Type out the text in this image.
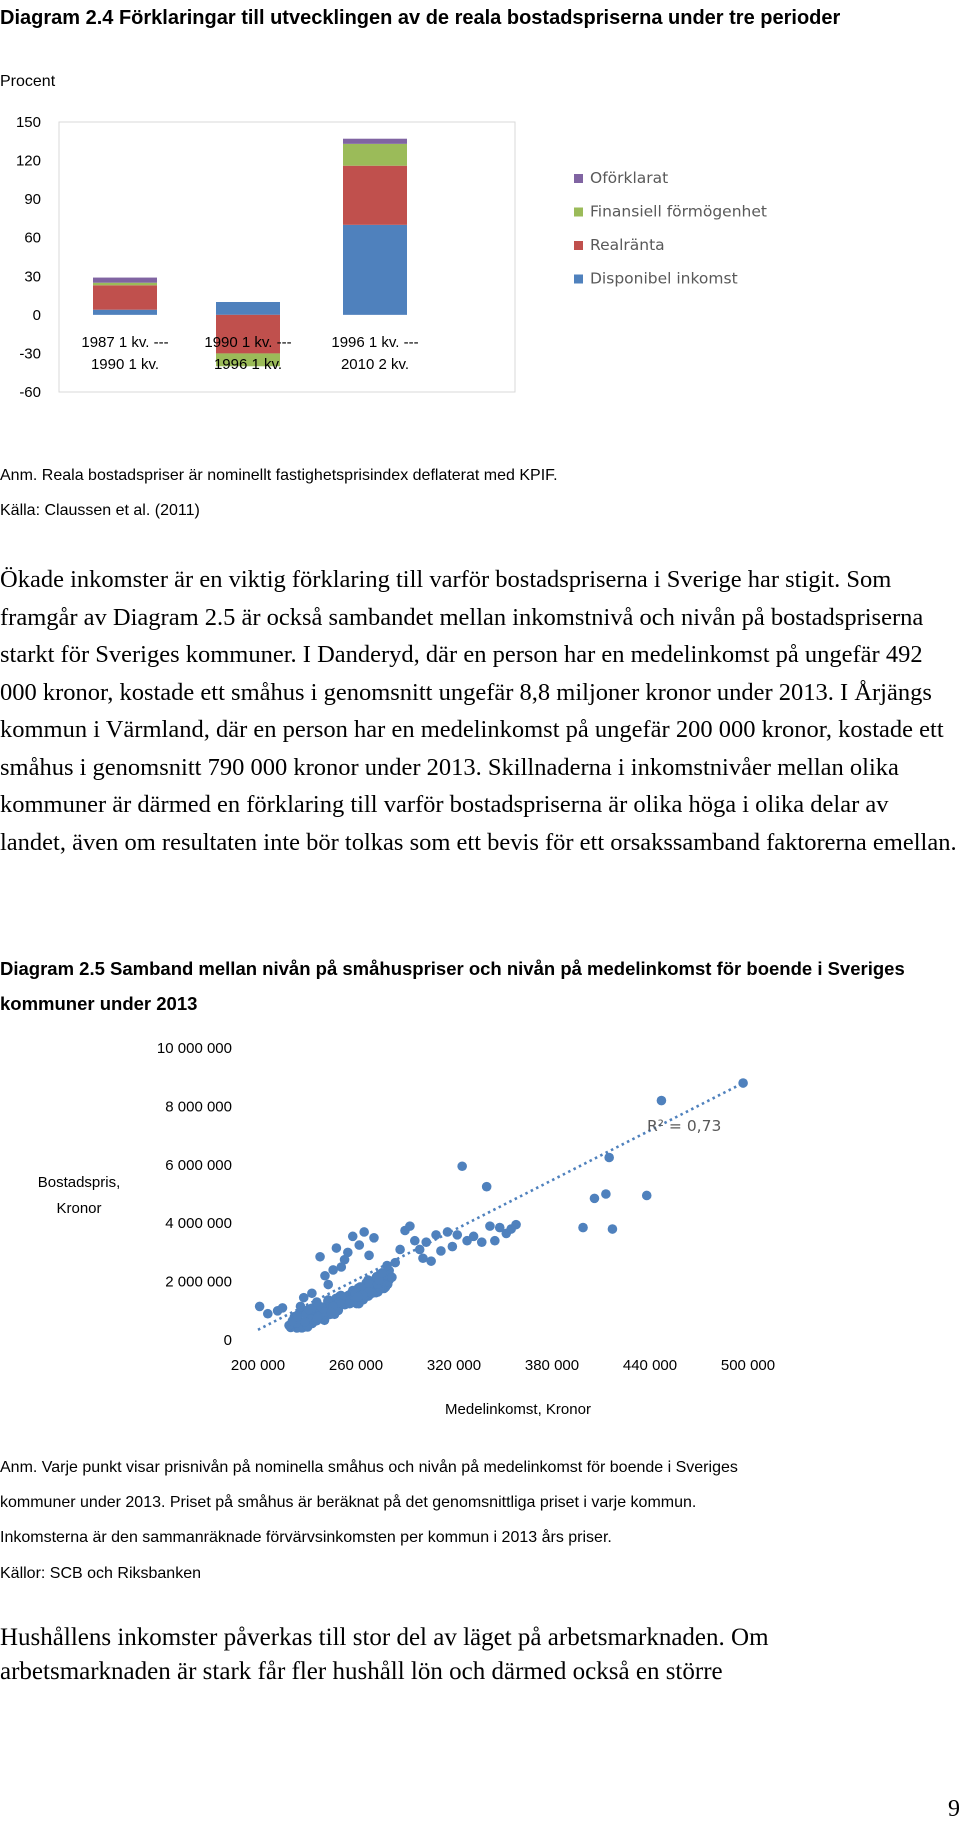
Diagram 2.4 Förklaringar till utvecklingen av de reala bostadspriserna under tre perioder
Procent
150
120
90
60
30
0
-30
-60
1987 1 kv. ---
1990 1 kv.
1990 1 kv. ---
1996 1 kv.
1996 1 kv. ---
2010 2 kv.
Oförklarat
Finansiell förmögenhet
Realränta
Disponibel inkomst
Anm. Reala bostadspriser är nominellt fastighetsprisindex deflaterat med KPIF.
Källa: Claussen et al. (2011)

Ökade inkomster är en viktig förklaring till varför bostadspriserna i Sverige har stigit. Som framgår av Diagram 2.5 är också sambandet mellan inkomstnivå och nivån på bostadspriserna starkt för Sveriges kommuner. I Danderyd, där en person har en medelinkomst på ungefär 492 000 kronor, kostade ett småhus i genomsnitt ungefär 8,8 miljoner kronor under 2013. I Årjängs kommun i Värmland, där en person har en medelinkomst på ungefär 200 000 kronor, kostade ett småhus i genomsnitt 790 000 kronor under 2013. Skillnaderna i inkomstnivåer mellan olika kommuner är därmed en förklaring till varför bostadspriserna är olika höga i olika delar av landet, även om resultaten inte bör tolkas som ett bevis för ett orsakssamband faktorerna emellan.

Diagram 2.5 Samband mellan nivån på småhuspriser och nivån på medelinkomst för boende i Sveriges kommuner under 2013
10 000 000
8 000 000
6 000 000
4 000 000
2 000 000
0
200 000	260 000	320 000	380 000	440 000	500 000
Bostadspris,
Kronor
Medelinkomst, Kronor
R² = 0,73
Anm. Varje punkt visar prisnivån på nominella småhus och nivån på medelinkomst för boende i Sveriges
kommuner under 2013. Priset på småhus är beräknat på det genomsnittliga priset i varje kommun.
Inkomsterna är den sammanräknade förvärvsinkomsten per kommun i 2013 års priser.
Källor: SCB och Riksbanken

Hushållens inkomster påverkas till stor del av läget på arbetsmarknaden. Om arbetsmarknaden är stark får fler hushåll lön och därmed också en större

9
